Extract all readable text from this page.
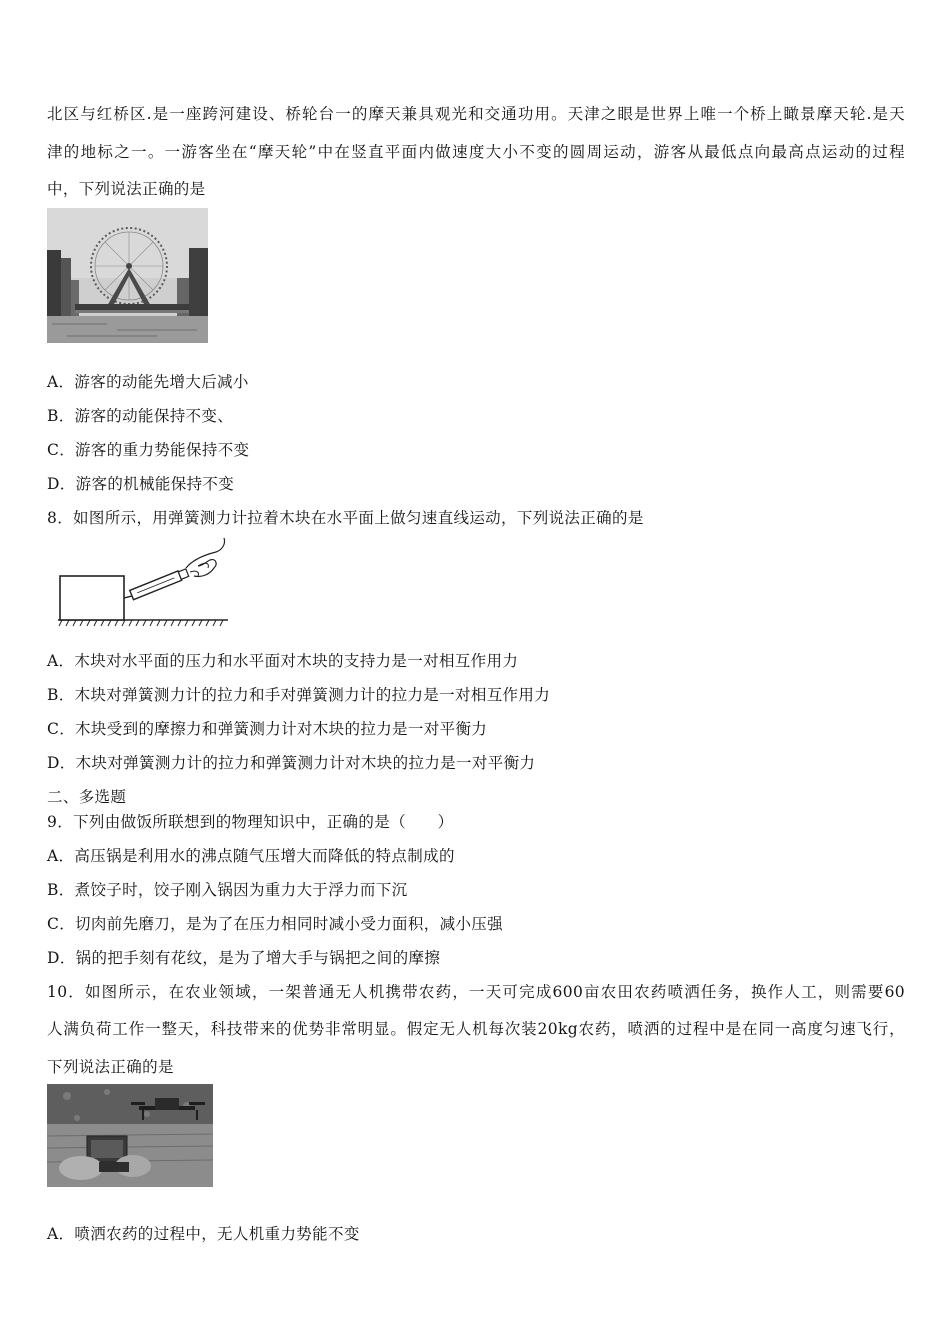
北区与红桥区.是一座跨河建设、桥轮台一的摩天兼具观光和交通功用。天津之眼是世界上唯一个桥上瞰景摩天轮.是天
津的地标之一。一游客坐在“摩天轮”中在竖直平面内做速度大小不变的圆周运动，游客从最低点向最高点运动的过程
中，下列说法正确的是
A．游客的动能先增大后减小
B．游客的动能保持不变、
C．游客的重力势能保持不变
D．游客的机械能保持不变
8．如图所示，用弹簧测力计拉着木块在水平面上做匀速直线运动，下列说法正确的是
A．木块对水平面的压力和水平面对木块的支持力是一对相互作用力
B．木块对弹簧测力计的拉力和手对弹簧测力计的拉力是一对相互作用力
C．木块受到的摩擦力和弹簧测力计对木块的拉力是一对平衡力
D．木块对弹簧测力计的拉力和弹簧测力计对木块的拉力是一对平衡力
二、多选题
9．下列由做饭所联想到的物理知识中，正确的是（　　）
A．高压锅是利用水的沸点随气压增大而降低的特点制成的
B．煮饺子时，饺子刚入锅因为重力大于浮力而下沉
C．切肉前先磨刀，是为了在压力相同时减小受力面积，减小压强
D．锅的把手刻有花纹，是为了增大手与锅把之间的摩擦
10．如图所示，在农业领域，一架普通无人机携带农药，一天可完成600亩农田农药喷洒任务，换作人工，则需要60
人满负荷工作一整天，科技带来的优势非常明显。假定无人机每次装20kg农药，喷洒的过程中是在同一高度匀速飞行，
下列说法正确的是
A．喷洒农药的过程中，无人机重力势能不变
